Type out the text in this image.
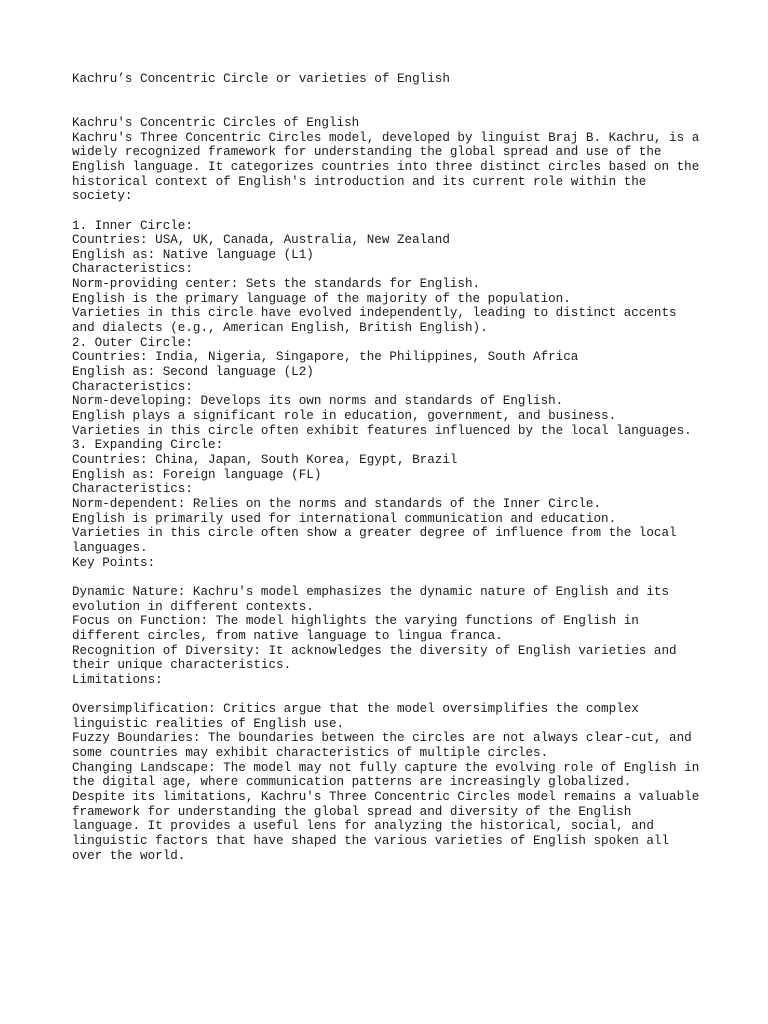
Kachru’s Concentric Circle or varieties of English

Kachru's Concentric Circles of English

Kachru's Three Concentric Circles model, developed by linguist Braj B. Kachru, is a

widely recognized framework for understanding the global spread and use of the

English language. It categorizes countries into three distinct circles based on the

historical context of English's introduction and its current role within the

society:

1. Inner Circle:

Countries: USA, UK, Canada, Australia, New Zealand

English as: Native language (L1)

Characteristics:

Norm-providing center: Sets the standards for English.

English is the primary language of the majority of the population.

Varieties in this circle have evolved independently, leading to distinct accents

and dialects (e.g., American English, British English).

2. Outer Circle:

Countries: India, Nigeria, Singapore, the Philippines, South Africa

English as: Second language (L2)

Characteristics:

Norm-developing: Develops its own norms and standards of English.

English plays a significant role in education, government, and business.

Varieties in this circle often exhibit features influenced by the local languages.

3. Expanding Circle:

Countries: China, Japan, South Korea, Egypt, Brazil

English as: Foreign language (FL)

Characteristics:

Norm-dependent: Relies on the norms and standards of the Inner Circle.

English is primarily used for international communication and education.

Varieties in this circle often show a greater degree of influence from the local

languages.

Key Points:

Dynamic Nature: Kachru's model emphasizes the dynamic nature of English and its

evolution in different contexts.

Focus on Function: The model highlights the varying functions of English in

different circles, from native language to lingua franca.

Recognition of Diversity: It acknowledges the diversity of English varieties and

their unique characteristics.

Limitations:

Oversimplification: Critics argue that the model oversimplifies the complex

linguistic realities of English use.

Fuzzy Boundaries: The boundaries between the circles are not always clear-cut, and

some countries may exhibit characteristics of multiple circles.

Changing Landscape: The model may not fully capture the evolving role of English in

the digital age, where communication patterns are increasingly globalized.

Despite its limitations, Kachru's Three Concentric Circles model remains a valuable

framework for understanding the global spread and diversity of the English

language. It provides a useful lens for analyzing the historical, social, and

linguistic factors that have shaped the various varieties of English spoken all

over the world.
